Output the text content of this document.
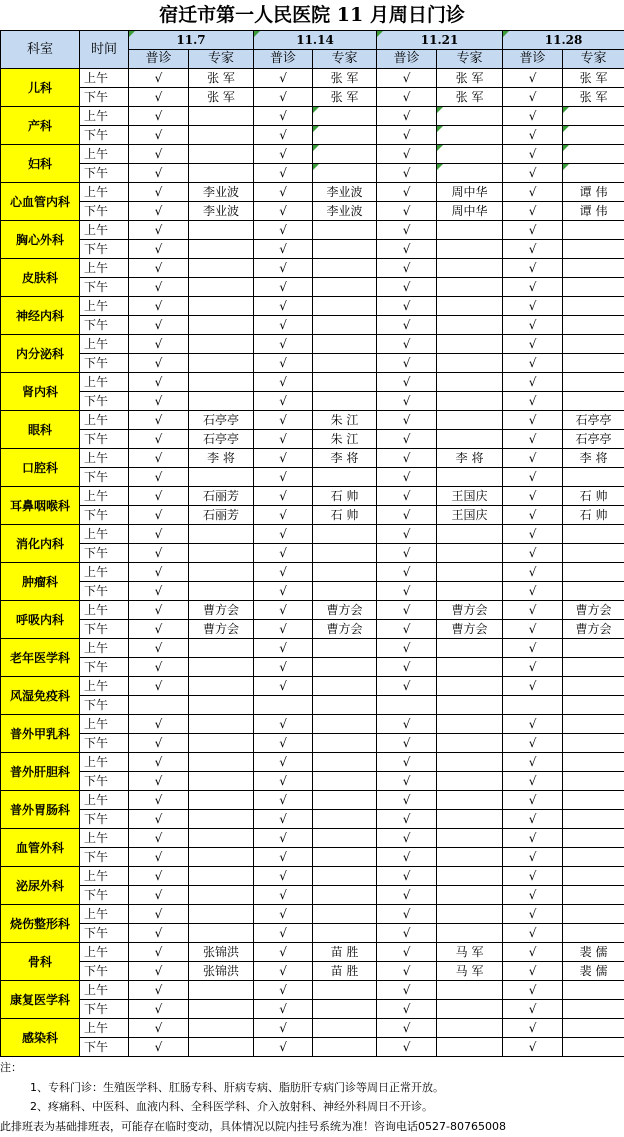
宿迁市第一人民医院 11 月周日门诊
科室	时间	11.7		11.14		11.21		11.28	
		普诊	专家	普诊	专家	普诊	专家	普诊	专家
儿科	上午	√	张 军	√	张 军	√	张 军	√	张 军
	下午	√	张 军	√	张 军	√	张 军	√	张 军
产科	上午	√		√		√		√	
	下午	√		√		√		√	
妇科	上午	√		√		√		√	
	下午	√		√		√		√	
心血管内科	上午	√	李业波	√	李业波	√	周中华	√	谭 伟
	下午	√	李业波	√	李业波	√	周中华	√	谭 伟
胸心外科	上午	√		√		√		√	
	下午	√		√		√		√	
皮肤科	上午	√		√		√		√	
	下午	√		√		√		√	
神经内科	上午	√		√		√		√	
	下午	√		√		√		√	
内分泌科	上午	√		√		√		√	
	下午	√		√		√		√	
肾内科	上午	√		√		√		√	
	下午	√		√		√		√	
眼科	上午	√	石亭亭	√	朱 江	√		√	石亭亭
	下午	√	石亭亭	√	朱 江	√		√	石亭亭
口腔科	上午	√	李 将	√	李 将	√	李 将	√	李 将
	下午	√		√		√		√	
耳鼻咽喉科	上午	√	石丽芳	√	石 帅	√	王国庆	√	石 帅
	下午	√	石丽芳	√	石 帅	√	王国庆	√	石 帅
消化内科	上午	√		√		√		√	
	下午	√		√		√		√	
肿瘤科	上午	√		√		√		√	
	下午	√		√		√		√	
呼吸内科	上午	√	曹方会	√	曹方会	√	曹方会	√	曹方会
	下午	√	曹方会	√	曹方会	√	曹方会	√	曹方会
老年医学科	上午	√		√		√		√	
	下午	√		√		√		√	
风湿免疫科	上午	√		√		√		√	
	下午								
普外甲乳科	上午	√		√		√		√	
	下午	√		√		√		√	
普外肝胆科	上午	√		√		√		√	
	下午	√		√		√		√	
普外胃肠科	上午	√		√		√		√	
	下午	√		√		√		√	
血管外科	上午	√		√		√		√	
	下午	√		√		√		√	
泌尿外科	上午	√		√		√		√	
	下午	√		√		√		√	
烧伤整形科	上午	√		√		√		√	
	下午	√		√		√		√	
骨科	上午	√	张锦洪	√	苗 胜	√	马 军	√	裴 儒
	下午	√	张锦洪	√	苗 胜	√	马 军	√	裴 儒
康复医学科	上午	√		√		√		√	
	下午	√		√		√		√	
感染科	上午	√		√		√		√	
	下午	√		√		√		√	
注：
1、专科门诊：生殖医学科、肛肠专科、肝病专病、脂肪肝专病门诊等周日正常开放。
2、疼痛科、中医科、血液内科、全科医学科、介入放射科、神经外科周日不开诊。
此排班表为基础排班表，可能存在临时变动，具体情况以院内挂号系统为准！咨询电话0527-80765008
